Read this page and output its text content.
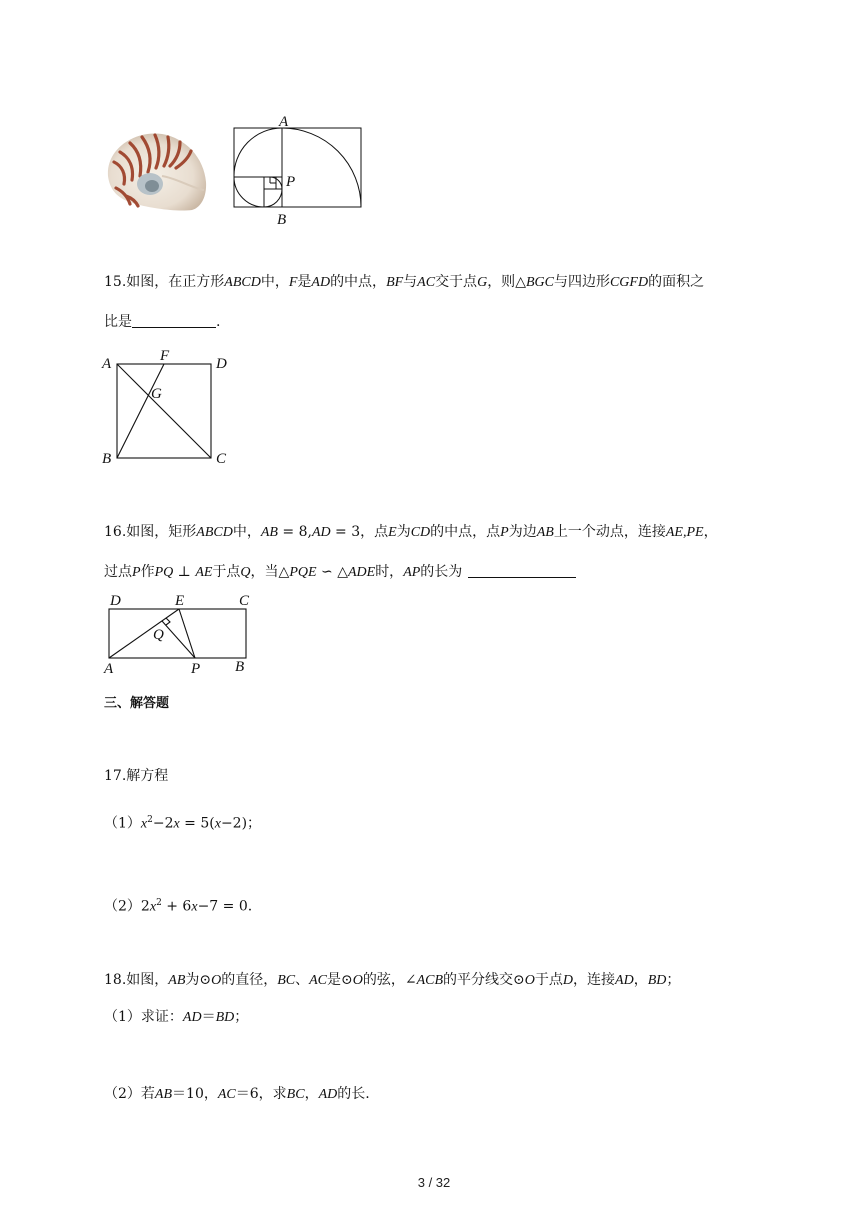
A
P
B
15.如图，在正方形ABCD中，F是AD的中点，BF与AC交于点G，则△BGC与四边形CGFD的面积之
比是	.
A	F	D
G
B	C
16.如图，矩形ABCD中，AB = 8,AD = 3，点E为CD的中点，点P为边AB上一个动点，连接AE,PE，
过点P作PQ ⊥ AE于点Q，当△PQE ∽ △ADE时，AP的长为
D	E	C
Q
A	P B
三、解答题
17.解方程
$(1)x^2-2x = 5(x-2)$；
$(2)2x^2 + 6x-7 = 0$.
18.如图，AB为⊙O的直径，BC、AC是⊙O的弦，∠ACB的平分线交⊙O于点D，连接AD，BD；
（1）求证：AD＝BD；
（2）若AB＝10，AC＝6，求BC，AD的长.
3 / 32
